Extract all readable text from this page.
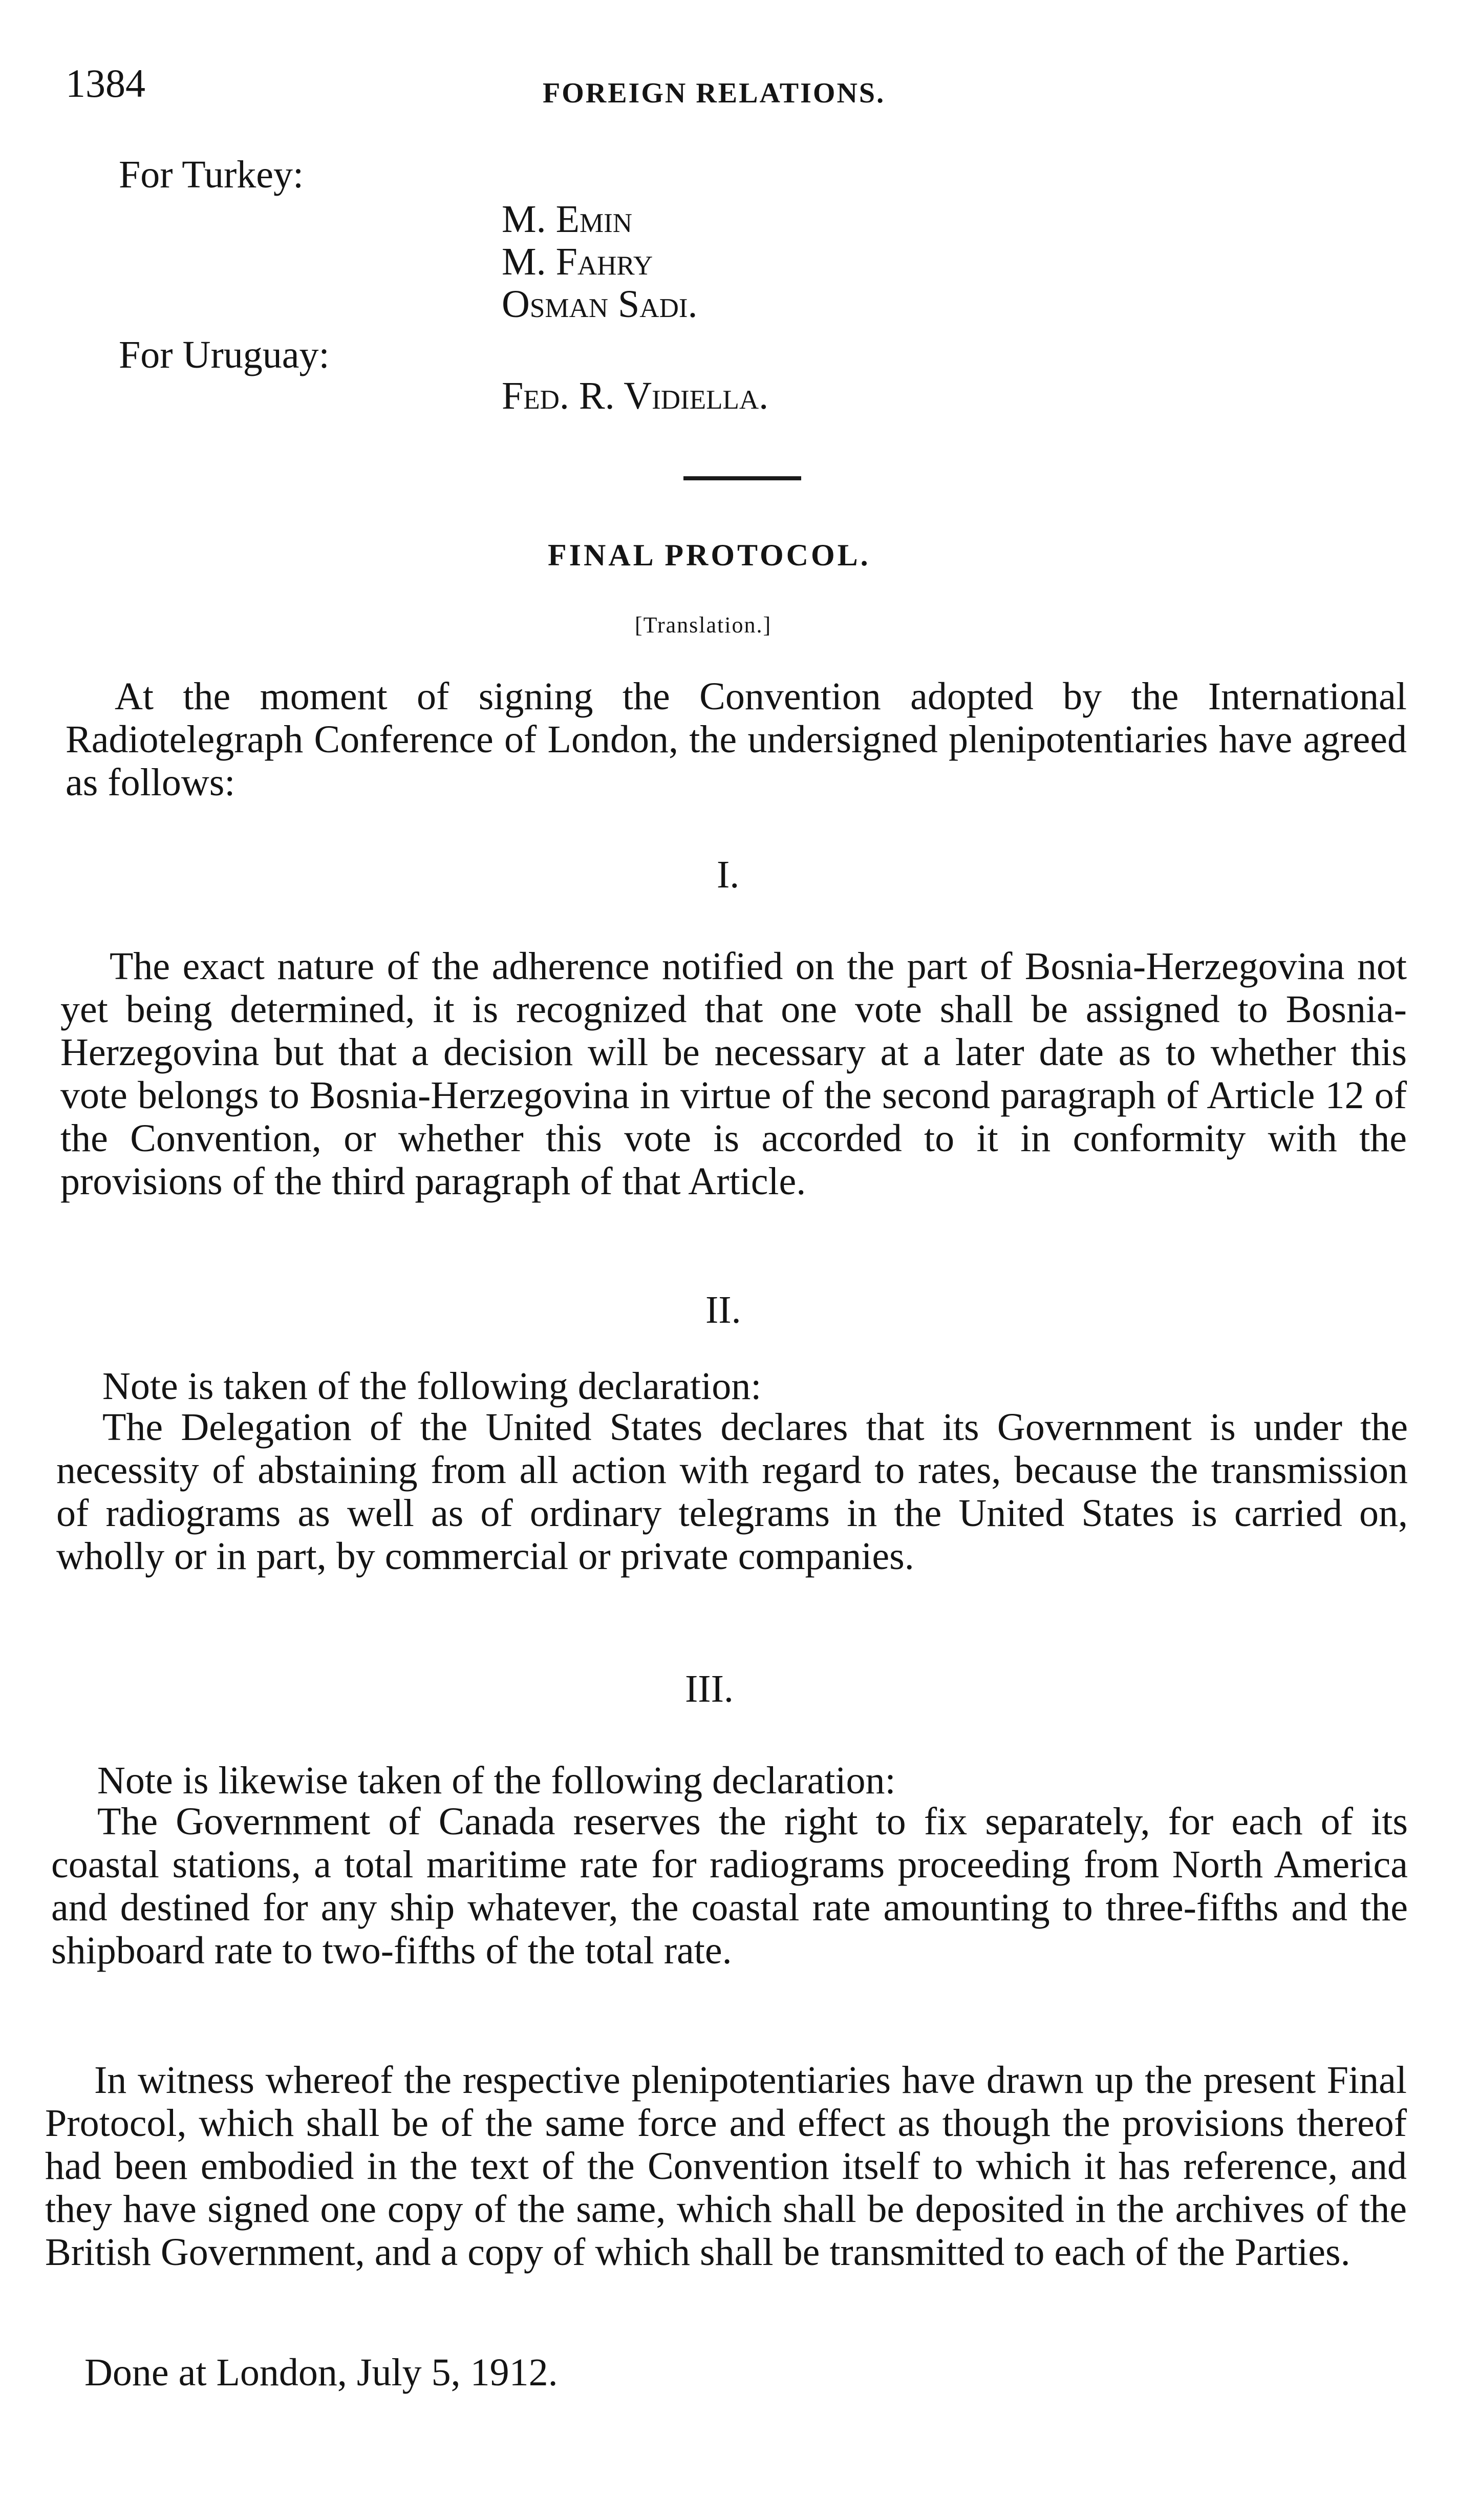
1384	FOREIGN RELATIONS.
For Turkey:
M. Emin
M. Fahry
Osman Sadi.
For Uruguay:
Fed. R. Vidiella.
FINAL PROTOCOL.
[Translation.]
At the moment of signing the Convention adopted by the International Radiotelegraph Conference of London, the undersigned plenipotentiaries have agreed as follows:
I.
The exact nature of the adherence notified on the part of Bosnia-Herzegovina not yet being determined, it is recognized that one vote shall be assigned to Bosnia-Herzegovina but that a decision will be necessary at a later date as to whether this vote belongs to Bosnia-Herzegovina in virtue of the second paragraph of Article 12 of the Convention, or whether this vote is accorded to it in conformity with the provisions of the third paragraph of that Article.
II.
Note is taken of the following declaration:
The Delegation of the United States declares that its Government is under the necessity of abstaining from all action with regard to rates, because the transmission of radiograms as well as of ordinary telegrams in the United States is carried on, wholly or in part, by commercial or private companies.
III.
Note is likewise taken of the following declaration:
The Government of Canada reserves the right to fix separately, for each of its coastal stations, a total maritime rate for radiograms proceeding from North America and destined for any ship whatever, the coastal rate amounting to three-fifths and the shipboard rate to two-fifths of the total rate.
In witness whereof the respective plenipotentiaries have drawn up the present Final Protocol, which shall be of the same force and effect as though the provisions thereof had been embodied in the text of the Convention itself to which it has reference, and they have signed one copy of the same, which shall be deposited in the archives of the British Government, and a copy of which shall be transmitted to each of the Parties.
Done at London, July 5, 1912.
